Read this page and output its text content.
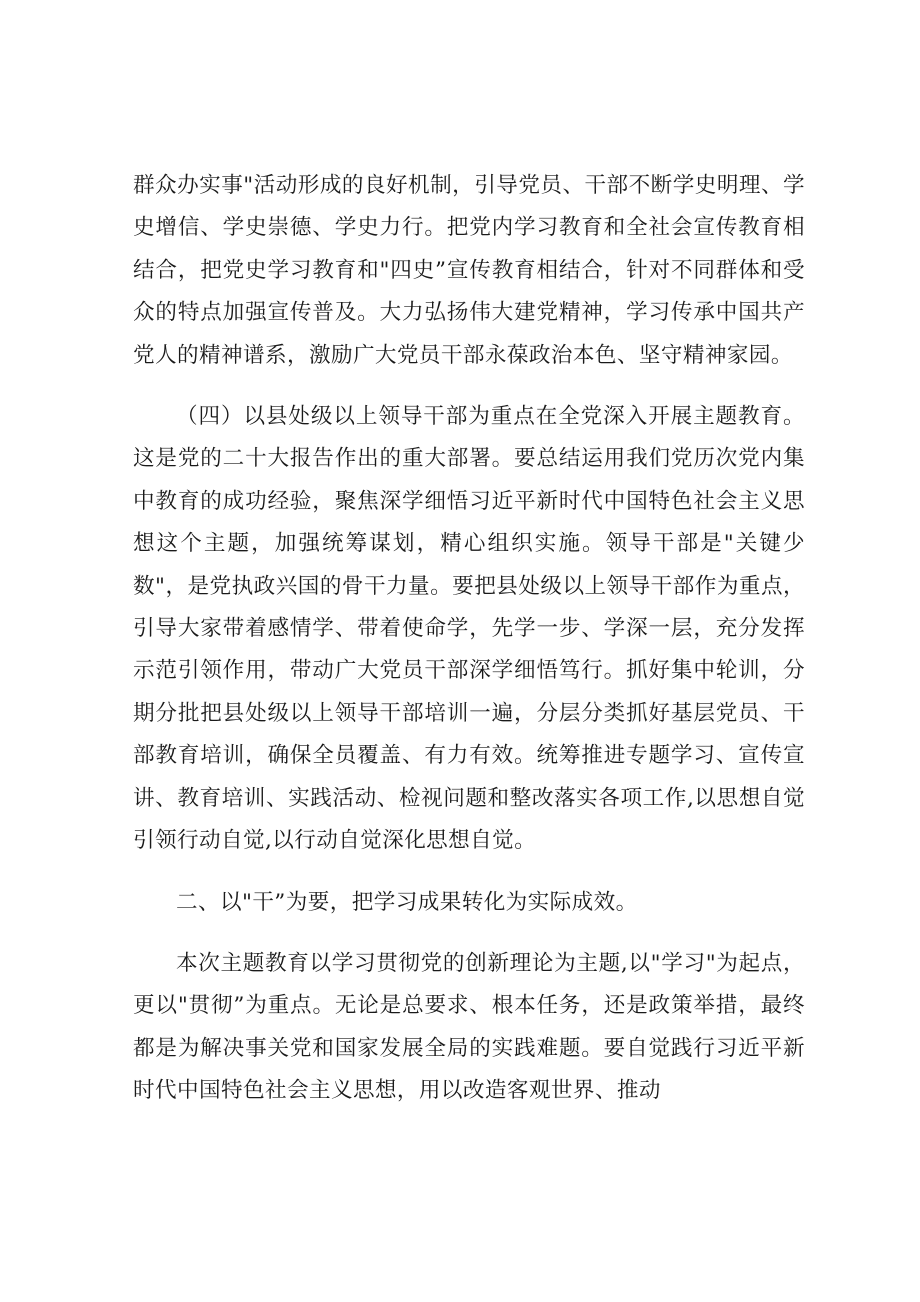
群众办实事"活动形成的良好机制，引导党员、干部不断学史明理、学史增信、学史崇德、学史力行。把党内学习教育和全社会宣传教育相结合，把党史学习教育和"四史”宣传教育相结合，针对不同群体和受众的特点加强宣传普及。大力弘扬伟大建党精神，学习传承中国共产党人的精神谱系，激励广大党员干部永葆政治本色、坚守精神家园。

（四）以县处级以上领导干部为重点在全党深入开展主题教育。这是党的二十大报告作出的重大部署。要总结运用我们党历次党内集中教育的成功经验，聚焦深学细悟习近平新时代中国特色社会主义思想这个主题，加强统筹谋划，精心组织实施。领导干部是"关键少数"，是党执政兴国的骨干力量。要把县处级以上领导干部作为重点，引导大家带着感情学、带着使命学，先学一步、学深一层，充分发挥示范引领作用，带动广大党员干部深学细悟笃行。抓好集中轮训，分期分批把县处级以上领导干部培训一遍，分层分类抓好基层党员、干部教育培训，确保全员覆盖、有力有效。统筹推进专题学习、宣传宣讲、教育培训、实践活动、检视问题和整改落实各项工作,以思想自觉引领行动自觉,以行动自觉深化思想自觉。

二、以"干”为要，把学习成果转化为实际成效。

本次主题教育以学习贯彻党的创新理论为主题,以"学习"为起点，更以"贯彻”为重点。无论是总要求、根本任务，还是政策举措，最终都是为解决事关党和国家发展全局的实践难题。要自觉践行习近平新时代中国特色社会主义思想，用以改造客观世界、推动
